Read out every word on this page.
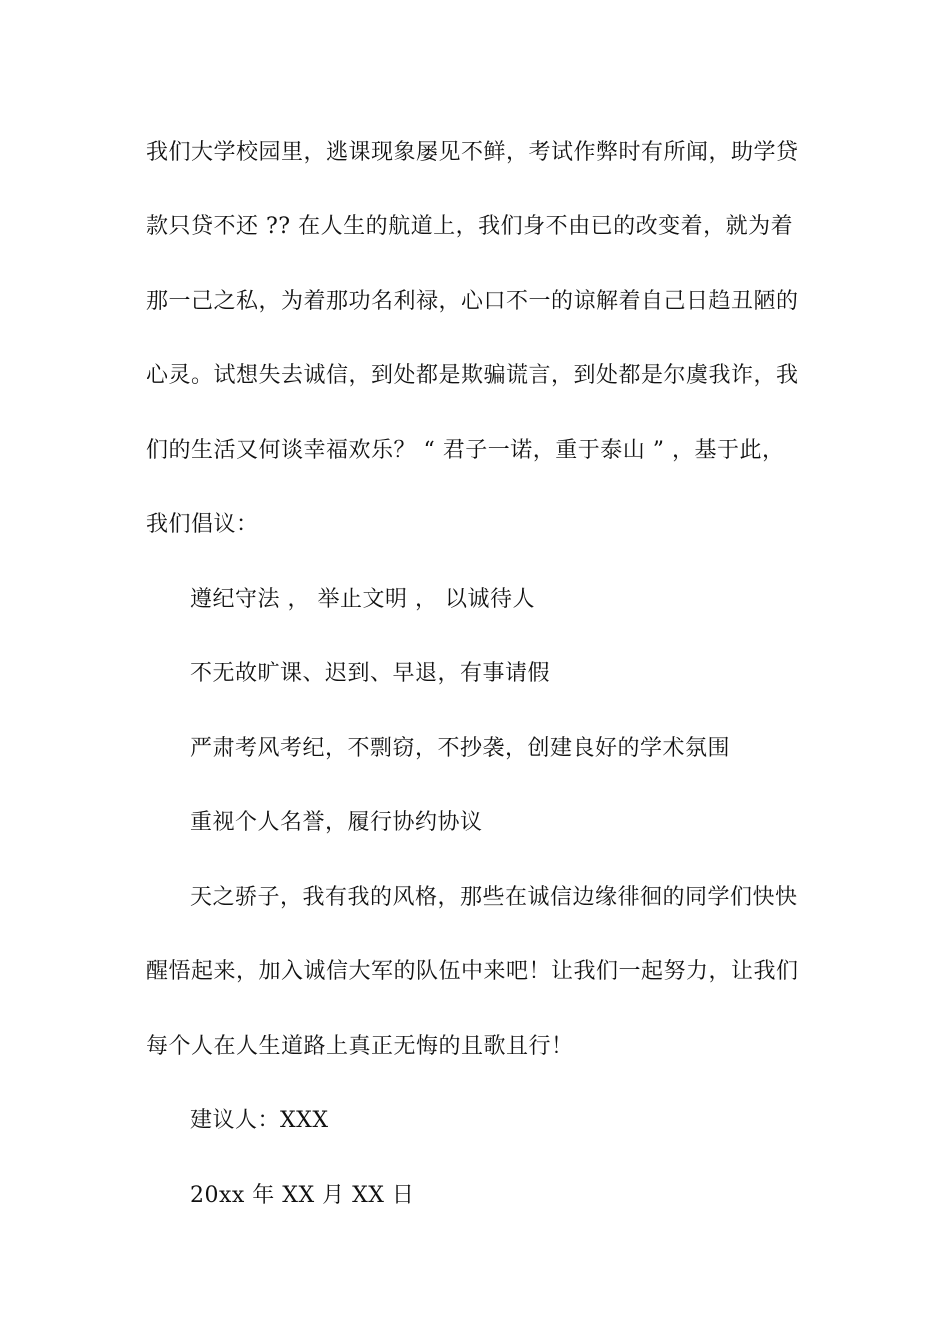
我们大学校园里，逃课现象屡见不鲜，考试作弊时有所闻，助学贷
款只贷不还 ?? 在人生的航道上，我们身不由已的改变着，就为着
那一己之私，为着那功名利禄，心口不一的谅解着自己日趋丑陋的
心灵。试想失去诚信，到处都是欺骗谎言，到处都是尔虞我诈，我
们的生活又何谈幸福欢乐？ “ 君子一诺，重于泰山 ” ，基于此，
我们倡议：
遵纪守法 ， 举止文明 ， 以诚待人
不无故旷课、迟到、早退，有事请假
严肃考风考纪，不剽窃，不抄袭，创建良好的学术氛围
重视个人名誉，履行协约协议
天之骄子，我有我的风格，那些在诚信边缘徘徊的同学们快快
醒悟起来，加入诚信大军的队伍中来吧！让我们一起努力，让我们
每个人在人生道路上真正无悔的且歌且行！
建议人：XXX
20xx 年 XX 月 XX 日
